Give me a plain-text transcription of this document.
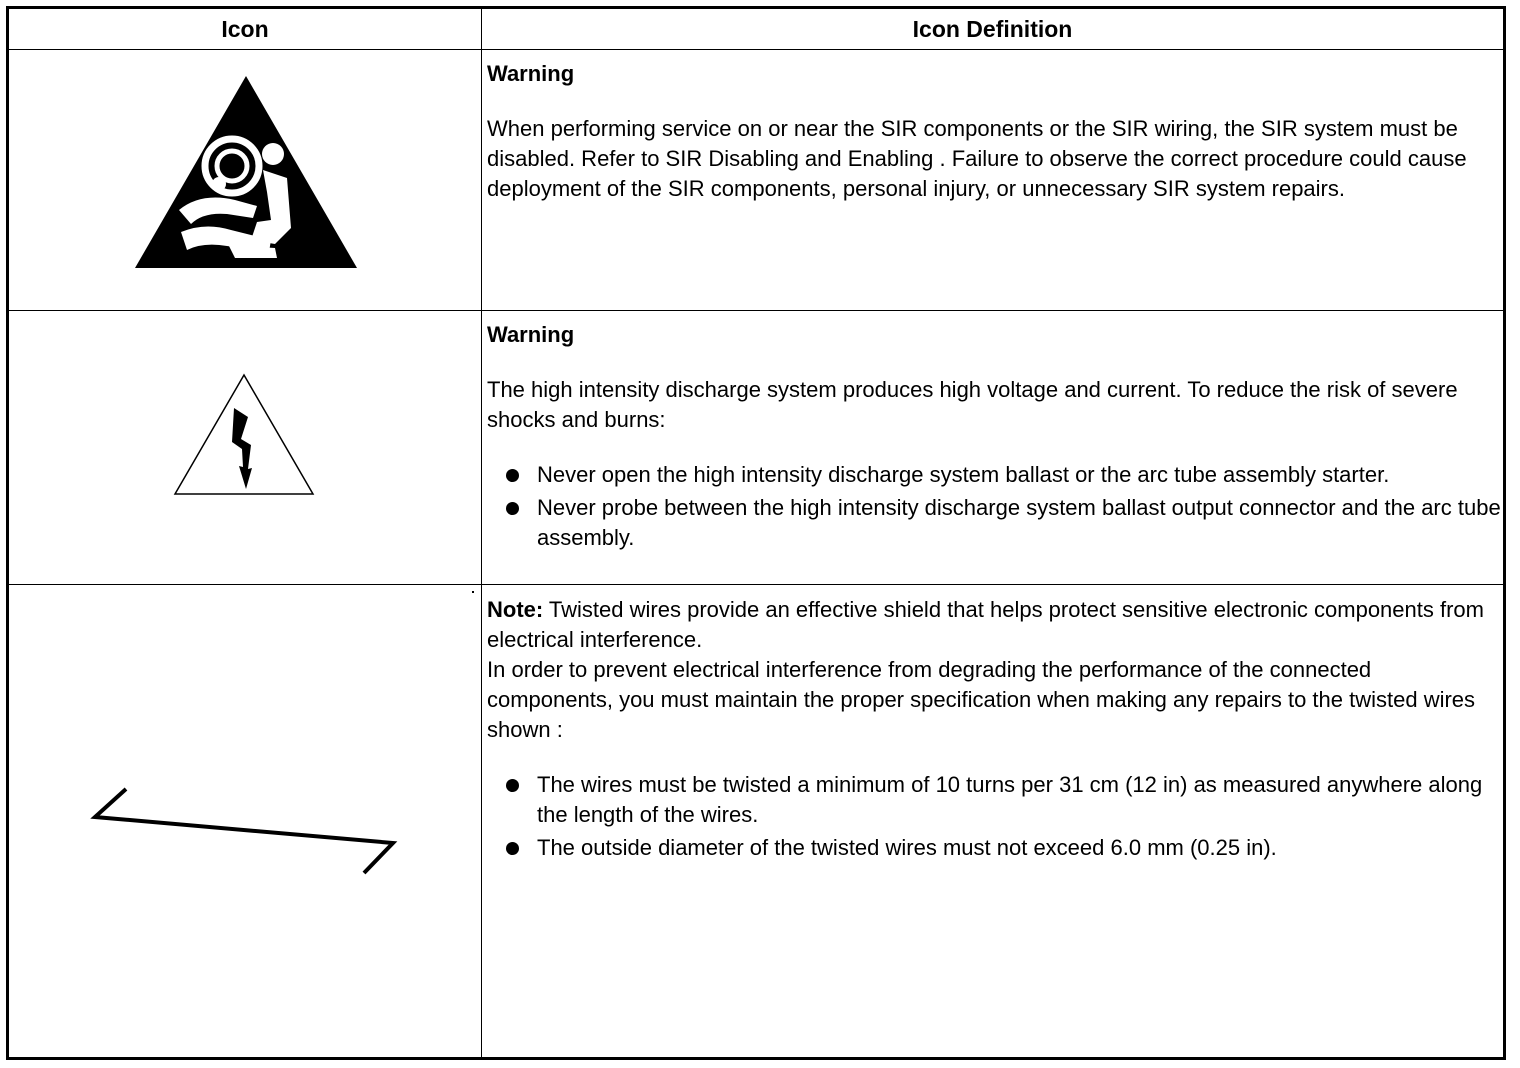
Icon	Icon Definition

Warning

When performing service on or near the SIR components or the SIR wiring, the SIR system must be disabled. Refer to SIR Disabling and Enabling . Failure to observe the correct procedure could cause deployment of the SIR components, personal injury, or unnecessary SIR system repairs.

Warning

The high intensity discharge system produces high voltage and current. To reduce the risk of severe shocks and burns:

Never open the high intensity discharge system ballast or the arc tube assembly starter.
Never probe between the high intensity discharge system ballast output connector and the arc tube assembly.

Note: Twisted wires provide an effective shield that helps protect sensitive electronic components from electrical interference.

In order to prevent electrical interference from degrading the performance of the connected components, you must maintain the proper specification when making any repairs to the twisted wires shown :

The wires must be twisted a minimum of 10 turns per 31 cm (12 in) as measured anywhere along the length of the wires.
The outside diameter of the twisted wires must not exceed 6.0 mm (0.25 in).
